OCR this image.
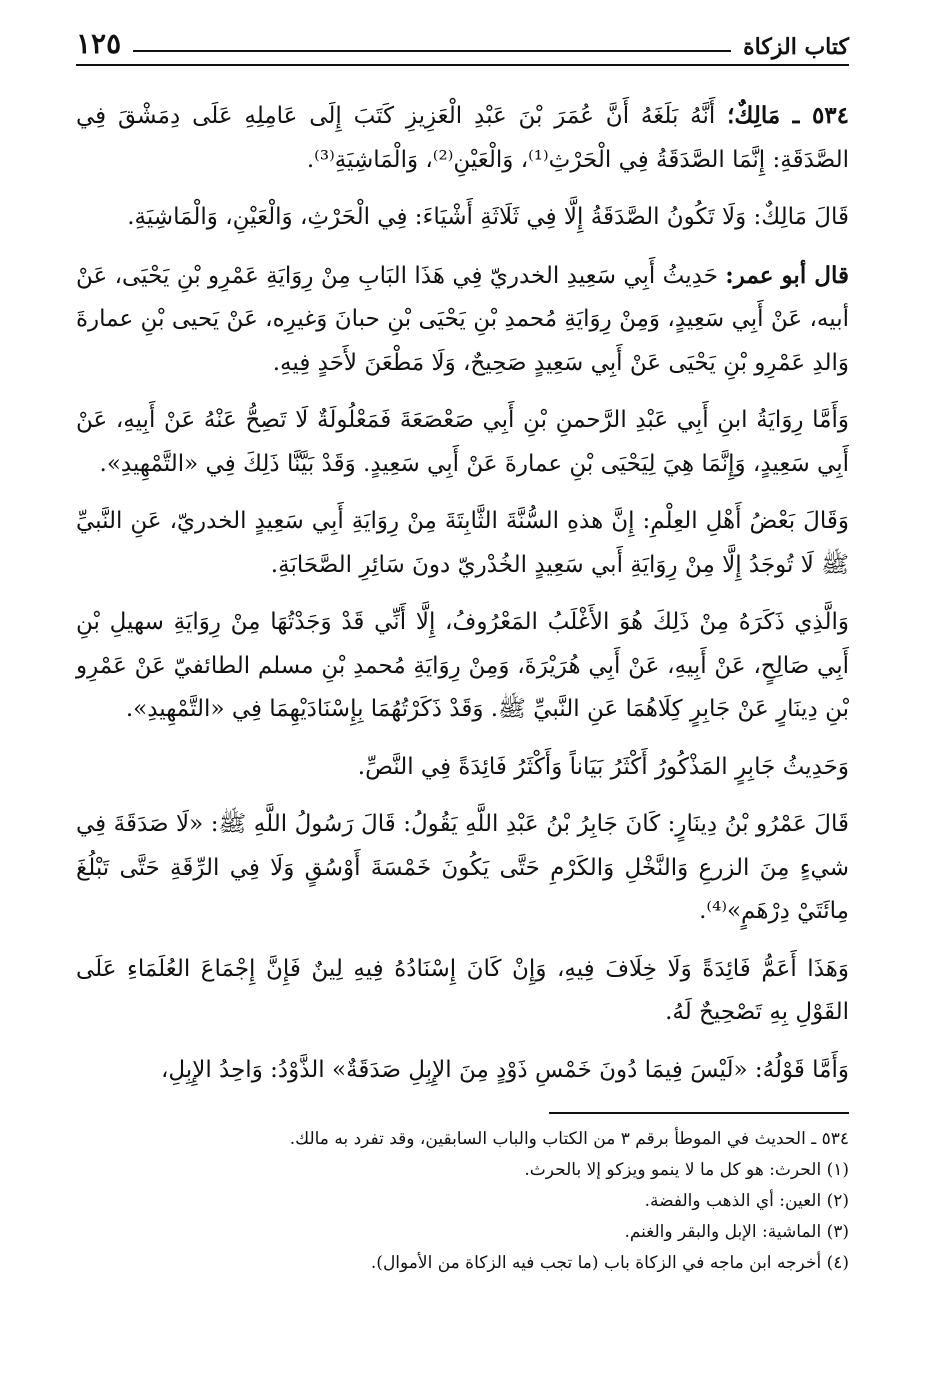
كتاب الزكاة
١٢٥

٥٣٤ ـ مَالِكٌ؛ أَنَّهُ بَلَغَهُ أَنَّ عُمَرَ بْنَ عَبْدِ الْعَزِيزِ كَتَبَ إِلَى عَامِلِهِ عَلَى دِمَشْقَ فِي الصَّدَقَةِ: إِنَّمَا الصَّدَقَةُ فِي الْحَرْثِ⁽¹⁾، وَالْعَيْنِ⁽²⁾، وَالْمَاشِيَةِ⁽³⁾.

قَالَ مَالِكٌ: وَلَا تَكُونُ الصَّدَقَةُ إِلَّا فِي ثَلَاثَةِ أَشْيَاءَ: فِي الْحَرْثِ، وَالْعَيْنِ، وَالْمَاشِيَةِ.

قال أبو عمر: حَدِيثُ أَبِي سَعِيدِ الخدريّ فِي هَذَا البَابِ مِنْ رِوَايَةِ عَمْرِو بْنِ يَحْيَى، عَنْ أبيه، عَنْ أَبِي سَعِيدٍ، وَمِنْ رِوَايَةِ مُحمدِ بْنِ يَحْيَى بْنِ حبانَ وَغيرِه، عَنْ يَحيى بْنِ عمارةَ وَالدِ عَمْرِو بْنِ يَحْيَى عَنْ أَبِي سَعِيدٍ صَحِيحٌ، وَلَا مَطْعَنَ لأَحَدٍ فِيهِ.

وَأَمَّا رِوَايَةُ ابنِ أَبِي عَبْدِ الرَّحمنِ بْنِ أَبِي صَعْصَعَةَ فَمَعْلُولَةٌ لَا تَصِحُّ عَنْهُ عَنْ أَبِيهِ، عَنْ أَبِي سَعِيدٍ، وَإِنَّمَا هِيَ لِيَحْيَى بْنِ عمارةَ عَنْ أَبِي سَعِيدٍ. وَقَدْ بَيَّنَّا ذَلِكَ فِي «التَّمْهِيدِ».

وَقَالَ بَعْضُ أَهْلِ العِلْمِ: إِنَّ هذهِ السُّنَّةَ الثَّابِتَةَ مِنْ رِوَايَةِ أَبِي سَعِيدٍ الخدريّ، عَنِ النَّبيِّ ﷺ لَا تُوجَدُ إِلَّا مِنْ رِوَايَةِ أَبي سَعِيدٍ الخُدْريّ دونَ سَائِرِ الصَّحَابَةِ.

وَالَّذِي ذَكَرَهُ مِنْ ذَلِكَ هُوَ الأَغْلَبُ المَعْرُوفُ، إِلَّا أَنِّي قَدْ وَجَدْتُهَا مِنْ رِوَايَةِ سهيلِ بْنِ أَبِي صَالِحٍ، عَنْ أَبِيهِ، عَنْ أَبِي هُرَيْرَةَ، وَمِنْ رِوَايَةِ مُحمدِ بْنِ مسلم الطائفيّ عَنْ عَمْرِو بْنِ دِينَارٍ عَنْ جَابِرٍ كِلَاهُمَا عَنِ النَّبيِّ ﷺ. وَقَدْ ذَكَرْتُهُمَا بِإِسْنَادَيْهِمَا فِي «التَّمْهِيدِ».

وَحَدِيثُ جَابِرٍ المَذْكُورُ أَكْثَرُ بَيَاناً وَأَكْثَرُ فَائِدَةً فِي النَّصِّ.

قَالَ عَمْرُو بْنُ دِينَارٍ: كَانَ جَابِرُ بْنُ عَبْدِ اللَّهِ يَقُولُ: قَالَ رَسُولُ اللَّهِ ﷺ: «لَا صَدَقَةَ فِي شيءٍ مِنَ الزرعِ وَالنَّخْلِ وَالكَرْمِ حَتَّى يَكُونَ خَمْسَةَ أَوْسُقٍ وَلَا فِي الرِّقَةِ حَتَّى تَبْلُغَ مِائَتَيْ دِرْهَمٍ»⁽⁴⁾.

وَهَذَا أَعَمُّ فَائِدَةً وَلَا خِلَافَ فِيهِ، وَإِنْ كَانَ إِسْنَادُهُ فِيهِ لِينٌ فَإِنَّ إِجْمَاعَ العُلَمَاءِ عَلَى القَوْلِ بِهِ تَصْحِيحٌ لَهُ.

وَأَمَّا قَوْلُهُ: «لَيْسَ فِيمَا دُونَ خَمْسِ ذَوْدٍ مِنَ الإِبِلِ صَدَقَةٌ» الذَّوْدُ: وَاحِدُ الإِبِلِ،

٥٣٤ ـ الحديث في الموطأ برقم ٣ من الكتاب والباب السابقين، وقد تفرد به مالك.

(١) الحرث: هو كل ما لا ينمو ويزكو إلا بالحرث.

(٢) العين: أي الذهب والفضة.

(٣) الماشية: الإبل والبقر والغنم.

(٤) أخرجه ابن ماجه في الزكاة باب (ما تجب فيه الزكاة من الأموال).
